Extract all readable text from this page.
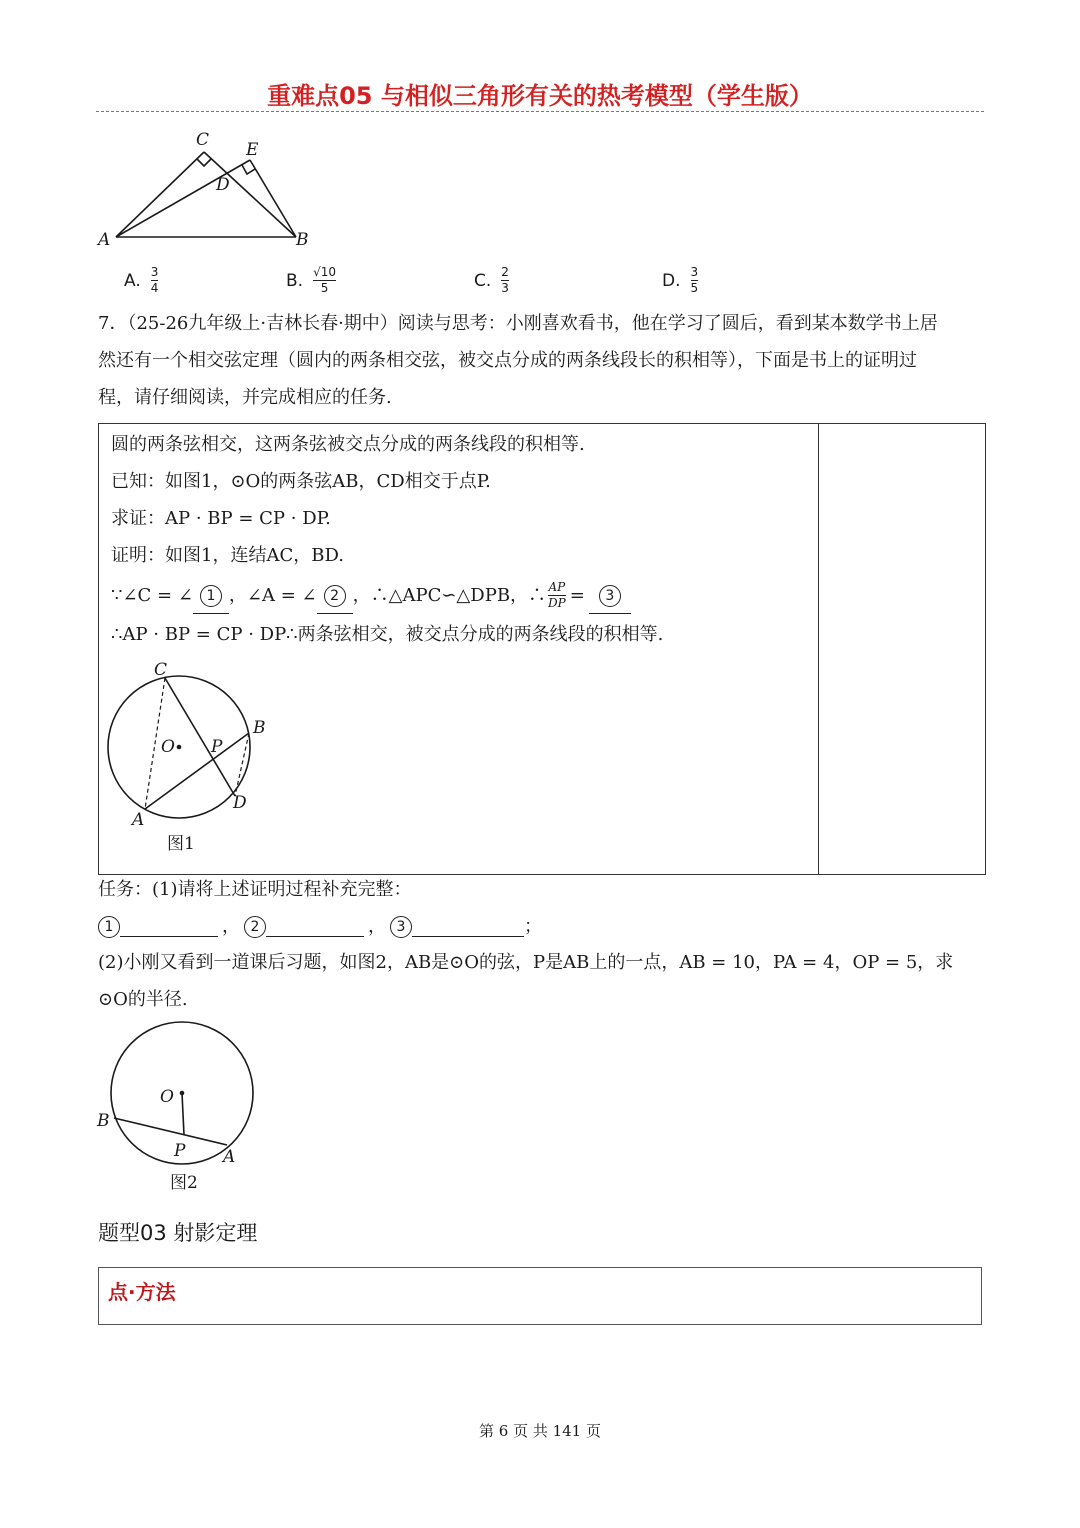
重难点05 与相似三角形有关的热考模型（学生版）
C E
D
A	B
A. $\frac{3}{4}$	B. $\frac{√10}{5}$	C. $\frac{2}{3}$	D. $\frac{3}{5}$
7．（25-26九年级上·吉林长春·期中）阅读与思考：小刚喜欢看书，他在学习了圆后，看到某本数学书上居
然还有一个相交弦定理（圆内的两条相交弦，被交点分成的两条线段长的积相等），下面是书上的证明过
程，请仔细阅读，并完成相应的任务.
圆的两条弦相交，这两条弦被交点分成的两条线段的积相等.
已知：如图1，⊙O的两条弦AB，CD相交于点P.
求证：AP · BP = CP · DP.
证明：如图1，连结AC，BD.
∵∠C = ∠ 1 ，∠A = ∠ 2 ，∴△APC∽△DPB，∴ $\frac{AP}{DP}$ =	3
∴AP · BP = CP · DP∴两条弦相交，被交点分成的两条线段的积相等.
C
B
O P
D
A
图1
任务：(1)请将上述证明过程补充完整：
1	， 2	， 3	；
(2)小刚又看到一道课后习题，如图2，AB是⊙O的弦，P是AB上的一点，AB = 10，PA = 4，OP = 5，求
⊙O的半径.
O
B
P A
图2
题型03 射影定理
点·方法
第 6 页 共 141 页
